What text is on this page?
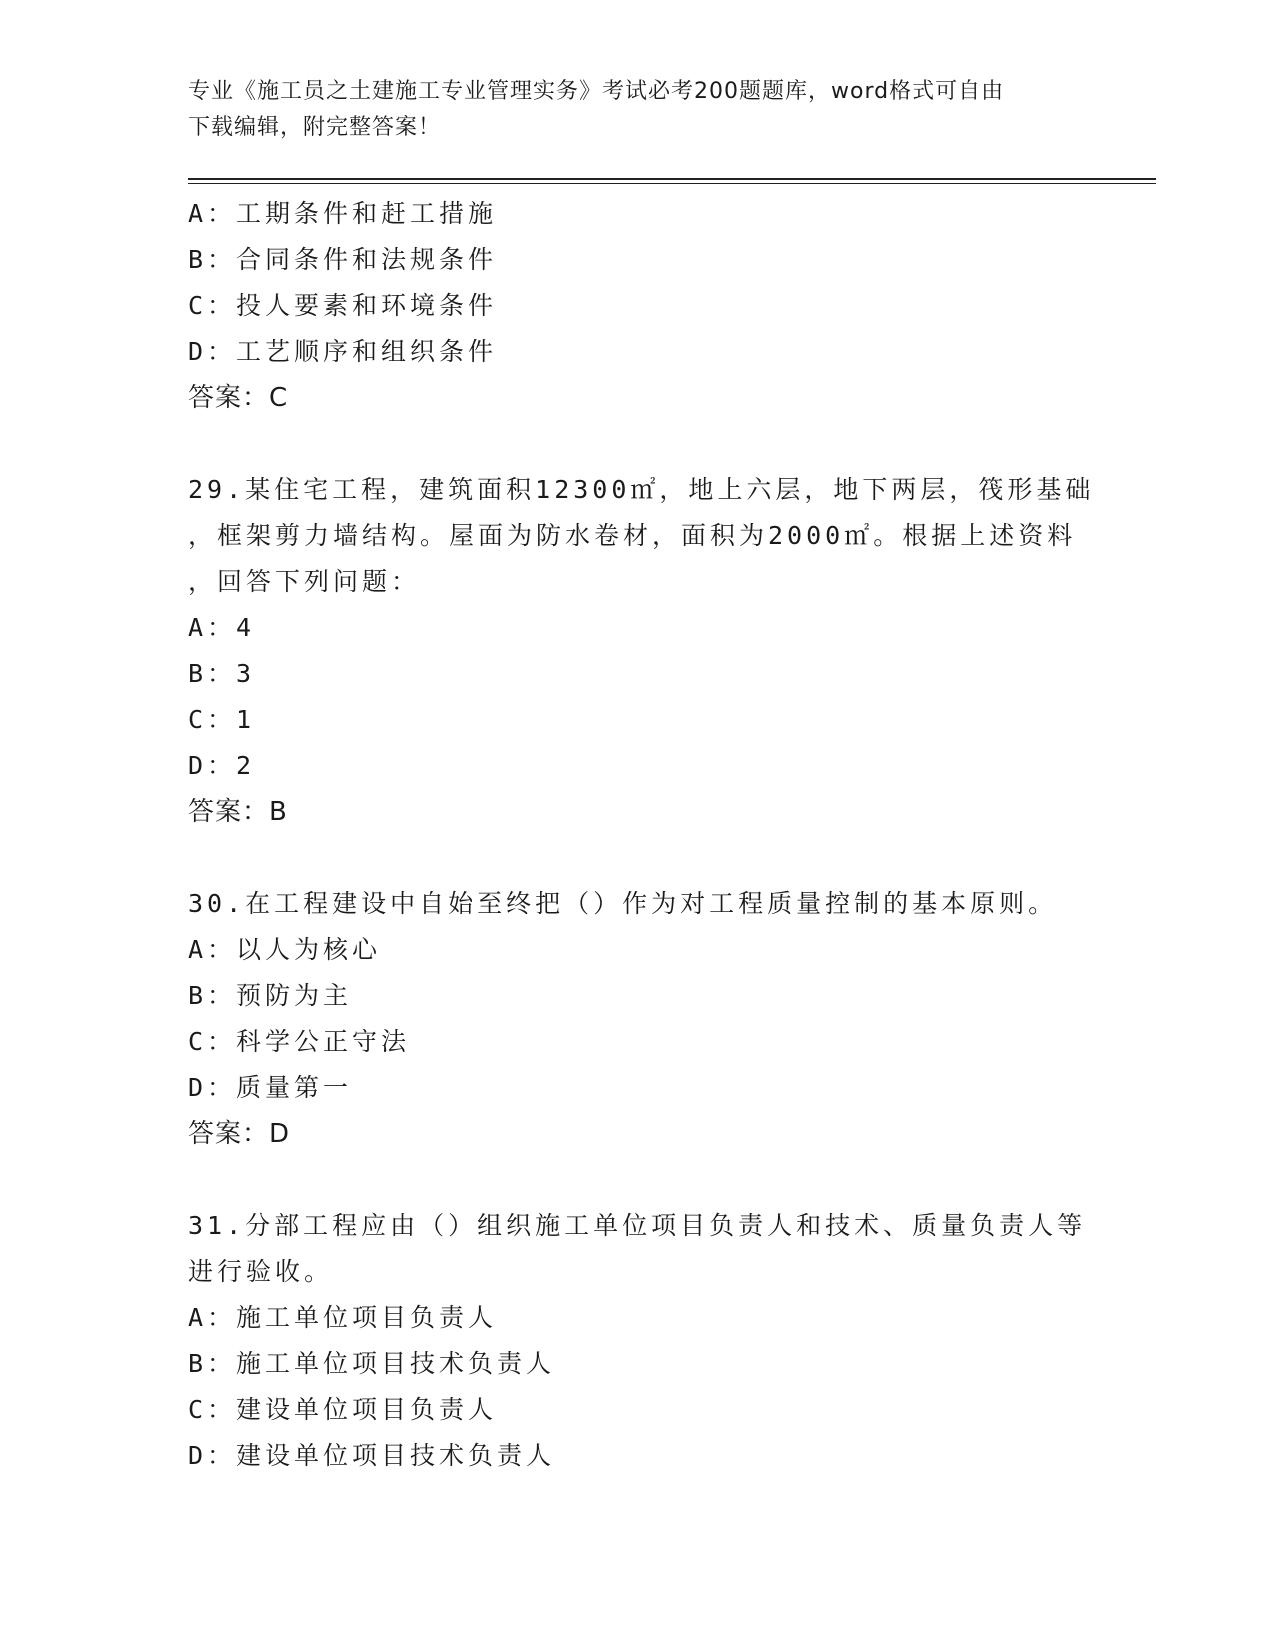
专业《施工员之土建施工专业管理实务》考试必考200题题库，word格式可自由
下载编辑，附完整答案！
A：工期条件和赶工措施
B：合同条件和法规条件
C：投人要素和环境条件
D：工艺顺序和组织条件
答案：C
29.某住宅工程，建筑面积12300㎡，地上六层，地下两层，筏形基础
，框架剪力墙结构。屋面为防水卷材，面积为2000㎡。根据上述资料
，回答下列问题：
A：4
B：3
C：1
D：2
答案：B
30.在工程建设中自始至终把（）作为对工程质量控制的基本原则。
A：以人为核心
B：预防为主
C：科学公正守法
D：质量第一
答案：D
31.分部工程应由（）组织施工单位项目负责人和技术、质量负责人等
进行验收。
A：施工单位项目负责人
B：施工单位项目技术负责人
C：建设单位项目负责人
D：建设单位项目技术负责人
